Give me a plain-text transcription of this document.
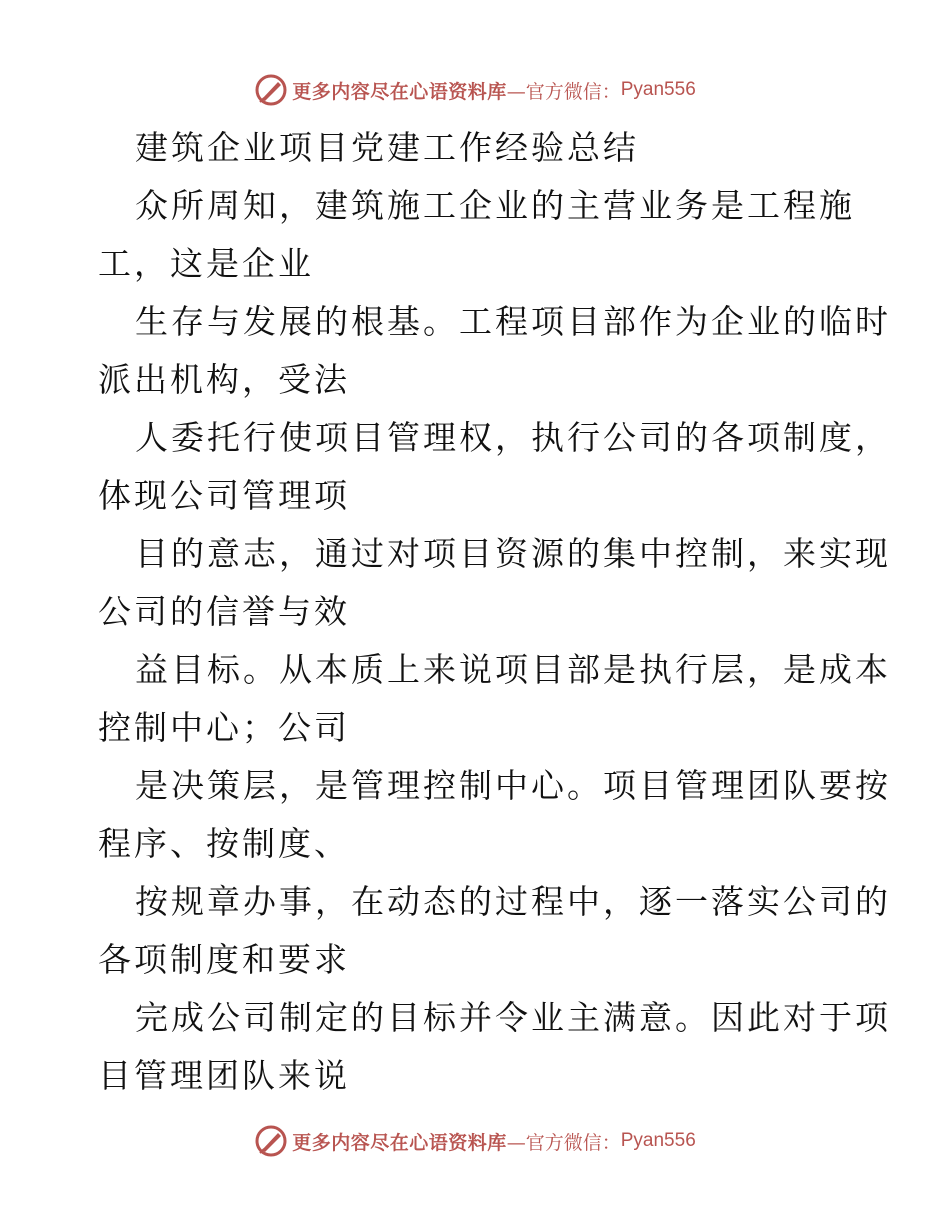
更多内容尽在心语资料库 —官方微信： Pyan556
建筑企业项目党建工作经验总结
众所周知，建筑施工企业的主营业务是工程施
工，这是企业
生存与发展的根基。工程项目部作为企业的临时
派出机构，受法
人委托行使项目管理权，执行公司的各项制度，
体现公司管理项
目的意志，通过对项目资源的集中控制，来实现
公司的信誉与效
益目标。从本质上来说项目部是执行层，是成本
控制中心；公司
是决策层，是管理控制中心。项目管理团队要按
程序、按制度、
按规章办事，在动态的过程中，逐一落实公司的
各项制度和要求
完成公司制定的目标并令业主满意。因此对于项
目管理团队来说
更多内容尽在心语资料库 —官方微信： Pyan556
